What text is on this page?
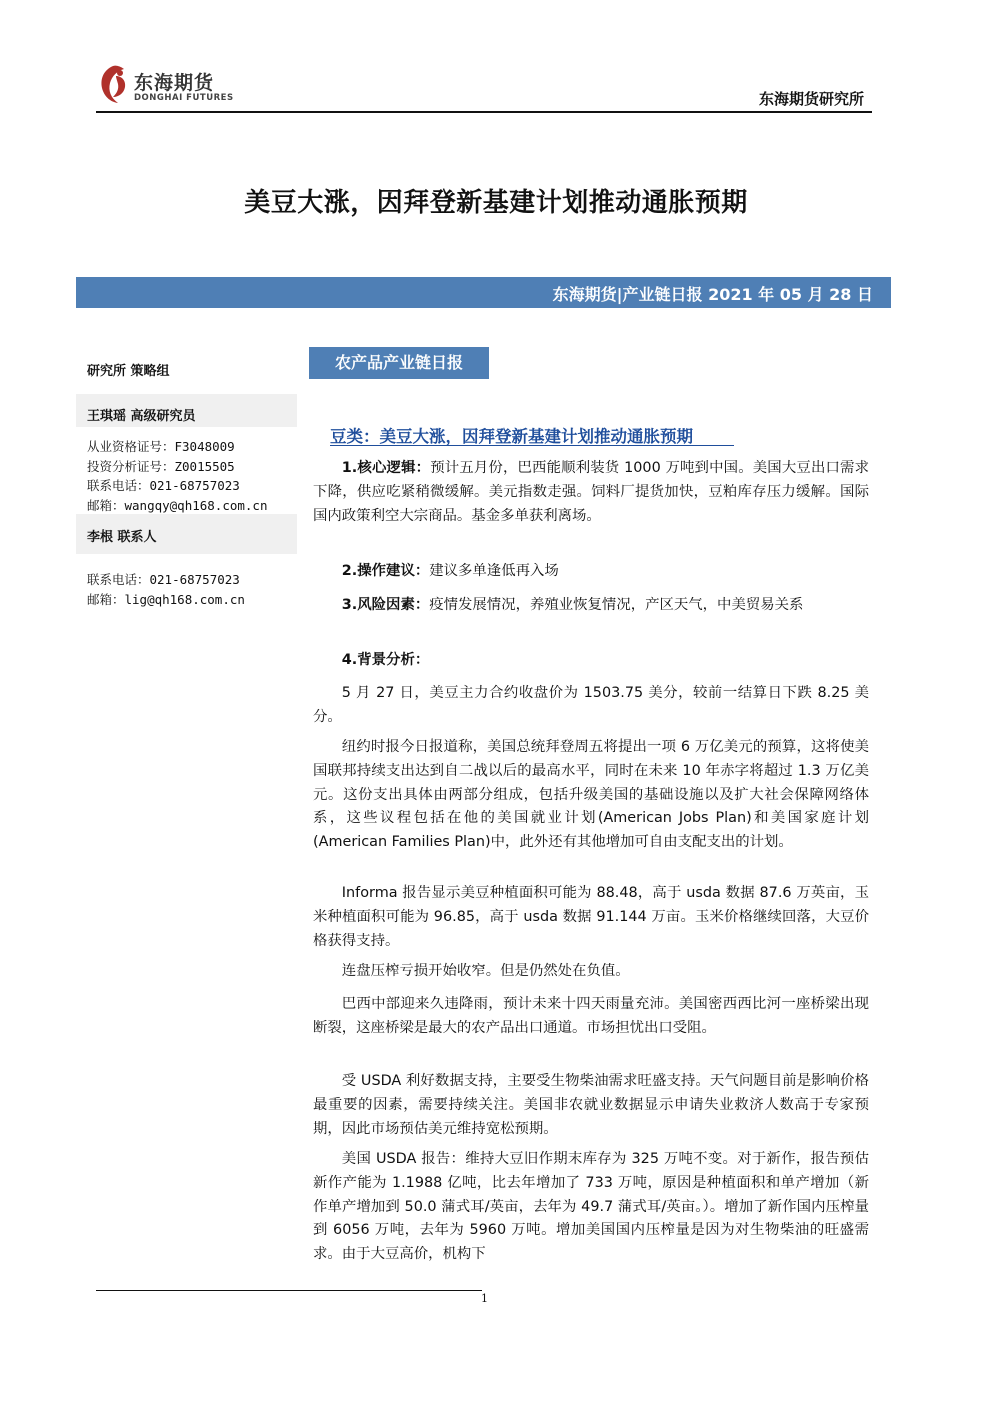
东海期货
DONGHAI FUTURES	东海期货研究所
美豆大涨，因拜登新基建计划推动通胀预期
东海期货|产业链日报 2021 年 05 月 28 日
研究所 策略组
王琪瑶 高级研究员
从业资格证号：F3048009
投资分析证号：Z0015505
联系电话：021-68757023
邮箱：wangqy@qh168.com.cn
李根 联系人
联系电话：021-68757023
邮箱：lig@qh168.com.cn
农产品产业链日报
豆类：美豆大涨，因拜登新基建计划推动通胀预期
1.核心逻辑：预计五月份，巴西能顺利装货 1000 万吨到中国。美国大豆出口需求下降，供应吃紧稍微缓解。美元指数走强。饲料厂提货加快，豆粕库存压力缓解。国际国内政策利空大宗商品。基金多单获利离场。
2.操作建议：建议多单逢低再入场
3.风险因素：疫情发展情况，养殖业恢复情况，产区天气，中美贸易关系
4.背景分析：
5 月 27 日，美豆主力合约收盘价为 1503.75 美分，较前一结算日下跌 8.25 美分。
纽约时报今日报道称，美国总统拜登周五将提出一项 6 万亿美元的预算，这将使美国联邦持续支出达到自二战以后的最高水平，同时在未来 10 年赤字将超过 1.3 万亿美元。这份支出具体由两部分组成，包括升级美国的基础设施以及扩大社会保障网络体系，这些议程包括在他的美国就业计划(American Jobs Plan)和美国家庭计划(American Families Plan)中，此外还有其他增加可自由支配支出的计划。
Informa 报告显示美豆种植面积可能为 88.48，高于 usda 数据 87.6 万英亩，玉米种植面积可能为 96.85，高于 usda 数据 91.144 万亩。玉米价格继续回落，大豆价格获得支持。
连盘压榨亏损开始收窄。但是仍然处在负值。
巴西中部迎来久违降雨，预计未来十四天雨量充沛。美国密西西比河一座桥梁出现断裂，这座桥梁是最大的农产品出口通道。市场担忧出口受阻。
受 USDA 利好数据支持，主要受生物柴油需求旺盛支持。天气问题目前是影响价格最重要的因素，需要持续关注。美国非农就业数据显示申请失业救济人数高于专家预期，因此市场预估美元维持宽松预期。
美国 USDA 报告：维持大豆旧作期末库存为 325 万吨不变。对于新作，报告预估新作产能为 1.1988 亿吨，比去年增加了 733 万吨，原因是种植面积和单产增加（新作单产增加到 50.0 蒲式耳/英亩，去年为 49.7 蒲式耳/英亩。）。增加了新作国内压榨量到 6056 万吨，去年为 5960 万吨。增加美国国内压榨量是因为对生物柴油的旺盛需求。由于大豆高价，机构下
1
